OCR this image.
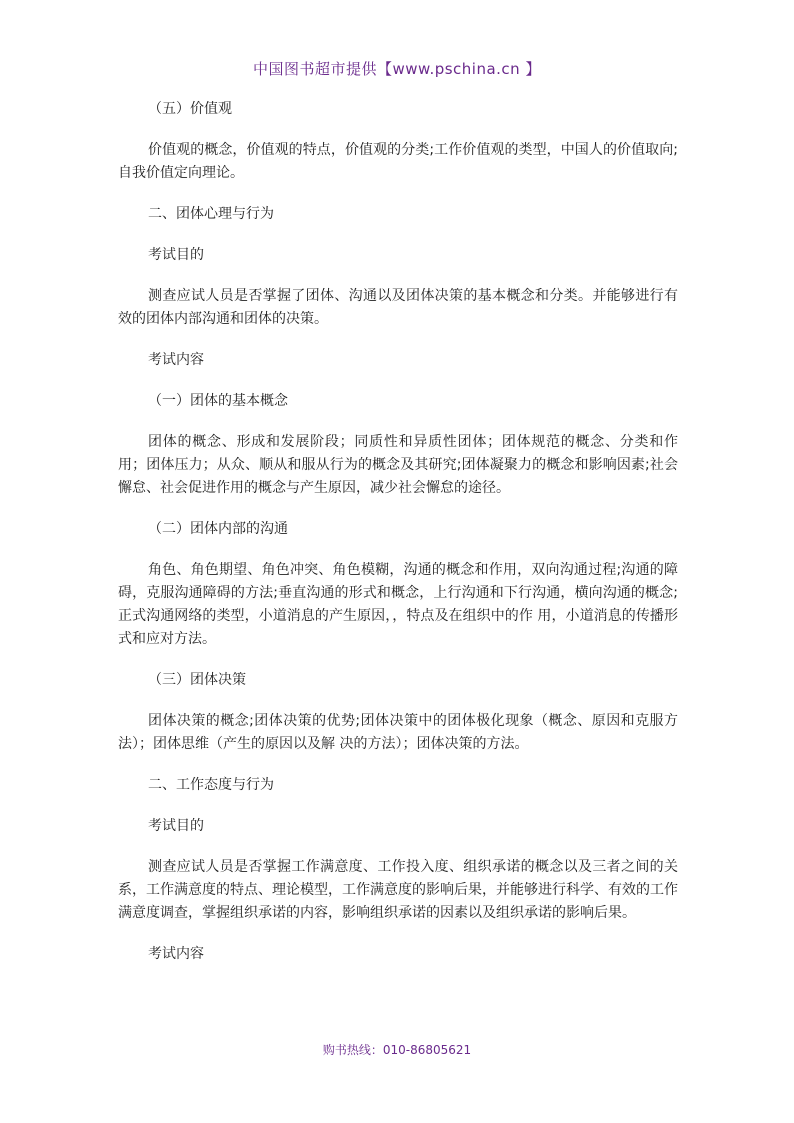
中国图书超市提供【www.pschina.cn 】

（五）价值观

价值观的概念，价值观的特点，价值观的分类;工作价值观的类型，中国人的价值取向;自我价值定向理论。

二、团体心理与行为

考试目的

测查应试人员是否掌握了团体、沟通以及团体决策的基本概念和分类。并能够进行有效的团体内部沟通和团体的决策。

考试内容

（一）团体的基本概念

团体的概念、形成和发展阶段；同质性和异质性团体；团体规范的概念、分类和作用；团体压力；从众、顺从和服从行为的概念及其研究;团体凝聚力的概念和影响因素;社会懈怠、社会促进作用的概念与产生原因，减少社会懈怠的途径。

（二）团体内部的沟通

角色、角色期望、角色冲突、角色模糊，沟通的概念和作用，双向沟通过程;沟通的障碍，克服沟通障碍的方法;垂直沟通的形式和概念，上行沟通和下行沟通，横向沟通的概念;正式沟通网络的类型，小道消息的产生原因，，特点及在组织中的作 用，小道消息的传播形式和应对方法。

（三）团体决策

团体决策的概念;团体决策的优势;团体决策中的团体极化现象（概念、原因和克服方法）；团体思维（产生的原因以及解 决的方法）；团体决策的方法。

二、工作态度与行为

考试目的

测查应试人员是否掌握工作满意度、工作投入度、组织承诺的概念以及三者之间的关系，工作满意度的特点、理论模型，工作满意度的影响后果，并能够进行科学、有效的工作满意度调查，掌握组织承诺的内容，影响组织承诺的因素以及组织承诺的影响后果。

考试内容

购书热线：010-86805621
